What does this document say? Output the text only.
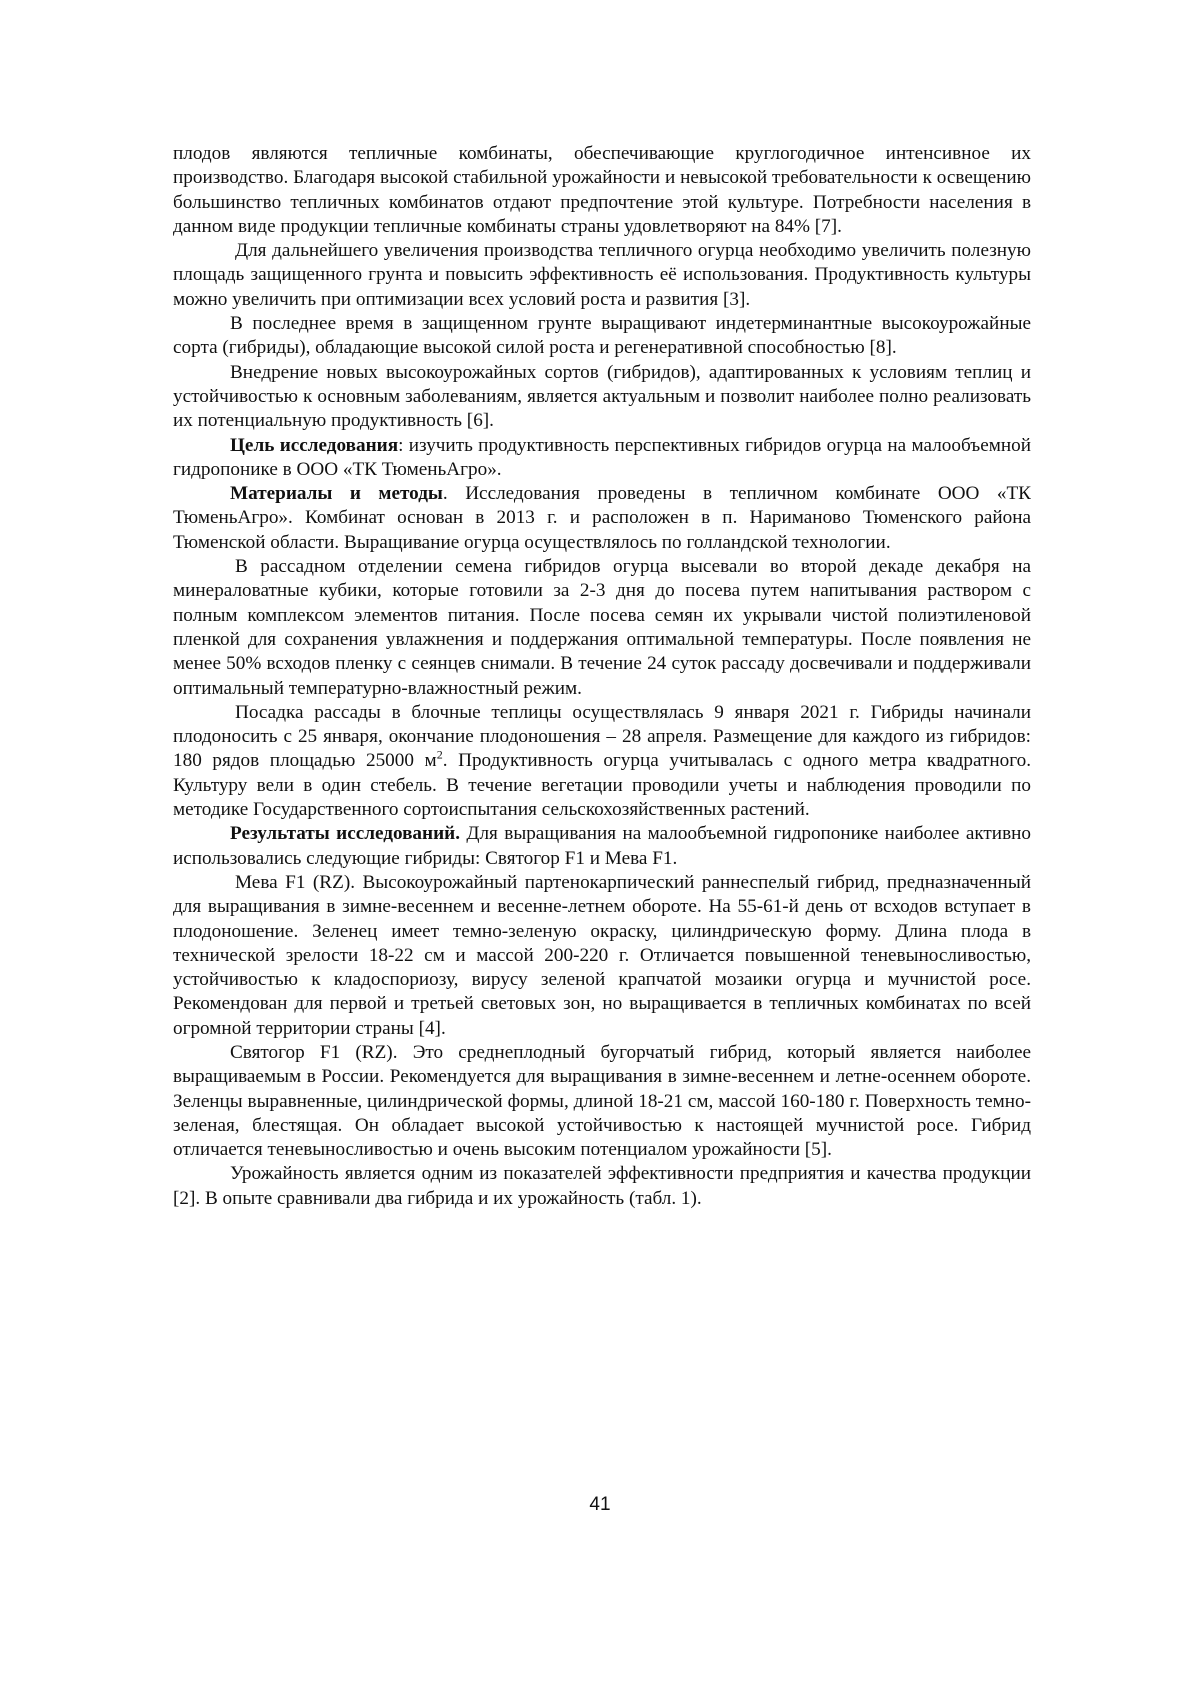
плодов являются тепличные комбинаты, обеспечивающие круглогодичное интенсивное их производство. Благодаря высокой стабильной урожайности и невысокой требовательности к освещению большинство тепличных комбинатов отдают предпочтение этой культуре. Потребности населения в данном виде продукции тепличные комбинаты страны удовлетворяют на 84% [7].

Для дальнейшего увеличения производства тепличного огурца необходимо увеличить полезную площадь защищенного грунта и повысить эффективность её использования. Продуктивность культуры можно увеличить при оптимизации всех условий роста и развития [3].

В последнее время в защищенном грунте выращивают индетерминантные высокоурожайные сорта (гибриды), обладающие высокой силой роста и регенеративной способностью [8].

Внедрение новых высокоурожайных сортов (гибридов), адаптированных к условиям теплиц и устойчивостью к основным заболеваниям, является актуальным и позволит наиболее полно реализовать их потенциальную продуктивность [6].

Цель исследования: изучить продуктивность перспективных гибридов огурца на малообъемной гидропонике в ООО «ТК ТюменьАгро».

Материалы и методы. Исследования проведены в тепличном комбинате ООО «ТК ТюменьАгро». Комбинат основан в 2013 г. и расположен в п. Нариманово Тюменского района Тюменской области. Выращивание огурца осуществлялось по голландской технологии.

В рассадном отделении семена гибридов огурца высевали во второй декаде декабря на минераловатные кубики, которые готовили за 2-3 дня до посева путем напитывания раствором с полным комплексом элементов питания. После посева семян их укрывали чистой полиэтиленовой пленкой для сохранения увлажнения и поддержания оптимальной температуры. После появления не менее 50% всходов пленку с сеянцев снимали. В течение 24 суток рассаду досвечивали и поддерживали оптимальный температурно-влажностный режим.

Посадка рассады в блочные теплицы осуществлялась 9 января 2021 г. Гибриды начинали плодоносить с 25 января, окончание плодоношения – 28 апреля. Размещение для каждого из гибридов: 180 рядов площадью 25000 м2. Продуктивность огурца учитывалась с одного метра квадратного. Культуру вели в один стебель. В течение вегетации проводили учеты и наблюдения проводили по методике Государственного сортоиспытания сельскохозяйственных растений.

Результаты исследований. Для выращивания на малообъемной гидропонике наиболее активно использовались следующие гибриды: Святогор F1 и Мева F1.

Мева F1 (RZ). Высокоурожайный партенокарпический раннеспелый гибрид, предназначенный для выращивания в зимне-весеннем и весенне-летнем обороте. На 55-61-й день от всходов вступает в плодоношение. Зеленец имеет темно-зеленую окраску, цилиндрическую форму. Длина плода в технической зрелости 18-22 см и массой 200-220 г. Отличается повышенной теневыносливостью, устойчивостью к кладоспориозу, вирусу зеленой крапчатой мозаики огурца и мучнистой росе. Рекомендован для первой и третьей световых зон, но выращивается в тепличных комбинатах по всей огромной территории страны [4].

Святогор F1 (RZ). Это среднеплодный бугорчатый гибрид, который является наиболее выращиваемым в России. Рекомендуется для выращивания в зимне-весеннем и летне-осеннем обороте. Зеленцы выравненные, цилиндрической формы, длиной 18-21 см, массой 160-180 г. Поверхность темно-зеленая, блестящая. Он обладает высокой устойчивостью к настоящей мучнистой росе. Гибрид отличается теневыносливостью и очень высоким потенциалом урожайности [5].

Урожайность является одним из показателей эффективности предприятия и качества продукции [2]. В опыте сравнивали два гибрида и их урожайность (табл. 1).

41
